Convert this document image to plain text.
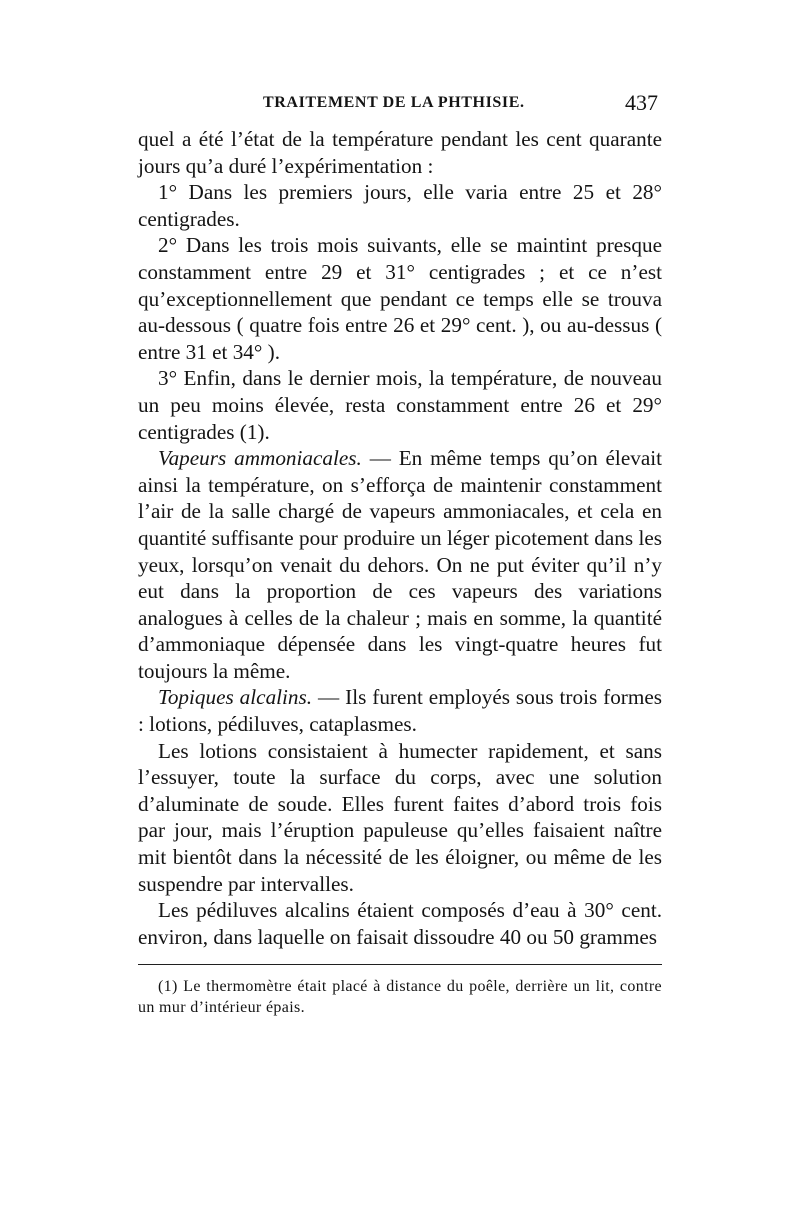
TRAITEMENT DE LA PHTHISIE.	437

quel a été l’état de la température pendant les cent quarante jours qu’a duré l’expérimentation :

1° Dans les premiers jours, elle varia entre 25 et 28° centigrades.

2° Dans les trois mois suivants, elle se maintint presque constamment entre 29 et 31° centigrades ; et ce n’est qu’exceptionnellement que pendant ce temps elle se trouva au-dessous ( quatre fois entre 26 et 29° cent. ), ou au-dessus ( entre 31 et 34° ).

3° Enfin, dans le dernier mois, la température, de nouveau un peu moins élevée, resta constamment entre 26 et 29° centigrades (1).

Vapeurs ammoniacales. — En même temps qu’on élevait ainsi la température, on s’efforça de maintenir constamment l’air de la salle chargé de vapeurs ammoniacales, et cela en quantité suffisante pour produire un léger picotement dans les yeux, lorsqu’on venait du dehors. On ne put éviter qu’il n’y eut dans la proportion de ces vapeurs des variations analogues à celles de la chaleur ; mais en somme, la quantité d’ammoniaque dépensée dans les vingt-quatre heures fut toujours la même.

Topiques alcalins. — Ils furent employés sous trois formes : lotions, pédiluves, cataplasmes.

Les lotions consistaient à humecter rapidement, et sans l’essuyer, toute la surface du corps, avec une solution d’aluminate de soude. Elles furent faites d’abord trois fois par jour, mais l’éruption papuleuse qu’elles faisaient naître mit bientôt dans la nécessité de les éloigner, ou même de les suspendre par intervalles.

Les pédiluves alcalins étaient composés d’eau à 30° cent. environ, dans laquelle on faisait dissoudre 40 ou 50 grammes

(1) Le thermomètre était placé à distance du poêle, derrière un lit, contre un mur d’intérieur épais.
